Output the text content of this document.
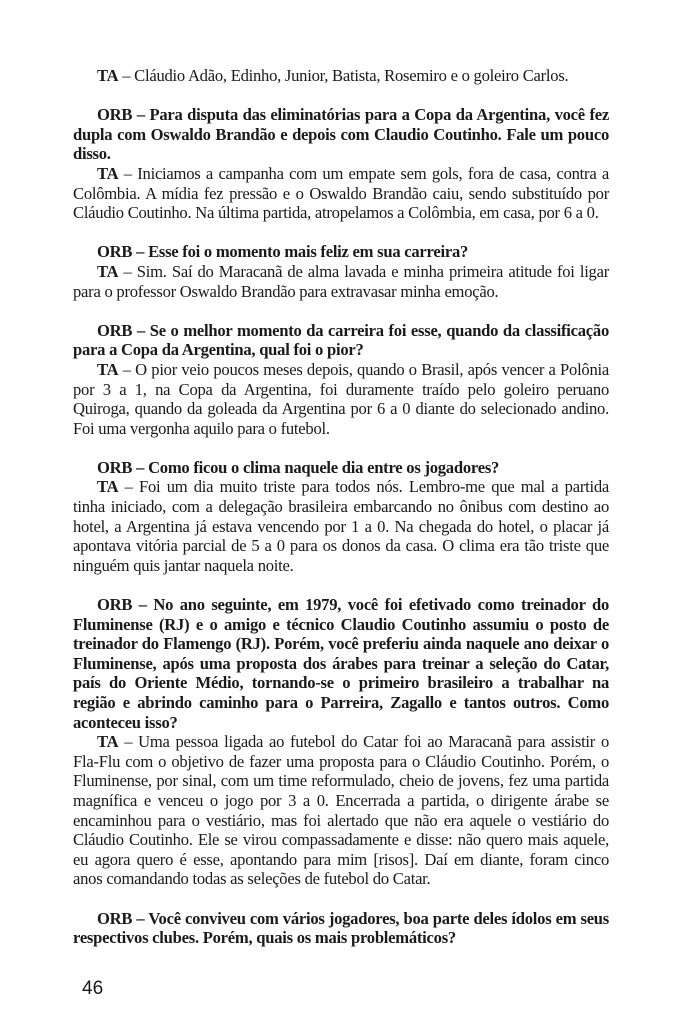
TA – Cláudio Adão, Edinho, Junior, Batista, Rosemiro e o goleiro Carlos.

ORB – Para disputa das eliminatórias para a Copa da Argentina, você fez dupla com Oswaldo Brandão e depois com Claudio Coutinho. Fale um pouco disso.

TA – Iniciamos a campanha com um empate sem gols, fora de casa, contra a Colômbia. A mídia fez pressão e o Oswaldo Brandão caiu, sendo substituído por Cláudio Coutinho. Na última partida, atropelamos a Colômbia, em casa, por 6 a 0.

ORB – Esse foi o momento mais feliz em sua carreira?

TA – Sim. Saí do Maracanã de alma lavada e minha primeira atitude foi ligar para o professor Oswaldo Brandão para extravasar minha emoção.

ORB – Se o melhor momento da carreira foi esse, quando da classificação para a Copa da Argentina, qual foi o pior?

TA – O pior veio poucos meses depois, quando o Brasil, após vencer a Polônia por 3 a 1, na Copa da Argentina, foi duramente traído pelo goleiro peruano Quiroga, quando da goleada da Argentina por 6 a 0 diante do selecionado andino. Foi uma vergonha aquilo para o futebol.

ORB – Como ficou o clima naquele dia entre os jogadores?

TA – Foi um dia muito triste para todos nós. Lembro-me que mal a partida tinha iniciado, com a delegação brasileira embarcando no ônibus com destino ao hotel, a Argentina já estava vencendo por 1 a 0. Na chegada do hotel, o placar já apontava vitória parcial de 5 a 0 para os donos da casa. O clima era tão triste que ninguém quis jantar naquela noite.

ORB – No ano seguinte, em 1979, você foi efetivado como treinador do Fluminense (RJ) e o amigo e técnico Claudio Coutinho assumiu o posto de treinador do Flamengo (RJ). Porém, você preferiu ainda naquele ano deixar o Fluminense, após uma proposta dos árabes para treinar a seleção do Catar, país do Oriente Médio, tornando-se o primeiro brasileiro a trabalhar na região e abrindo caminho para o Parreira, Zagallo e tantos outros. Como aconteceu isso?

TA – Uma pessoa ligada ao futebol do Catar foi ao Maracanã para assistir o Fla-Flu com o objetivo de fazer uma proposta para o Cláudio Coutinho. Porém, o Fluminense, por sinal, com um time reformulado, cheio de jovens, fez uma partida magnífica e venceu o jogo por 3 a 0. Encerrada a partida, o dirigente árabe se encaminhou para o vestiário, mas foi alertado que não era aquele o vestiário do Cláudio Coutinho. Ele se virou compassadamente e disse: não quero mais aquele, eu agora quero é esse, apontando para mim [risos]. Daí em diante, foram cinco anos comandando todas as seleções de futebol do Catar.

ORB – Você conviveu com vários jogadores, boa parte deles ídolos em seus respectivos clubes. Porém, quais os mais problemáticos?

46
